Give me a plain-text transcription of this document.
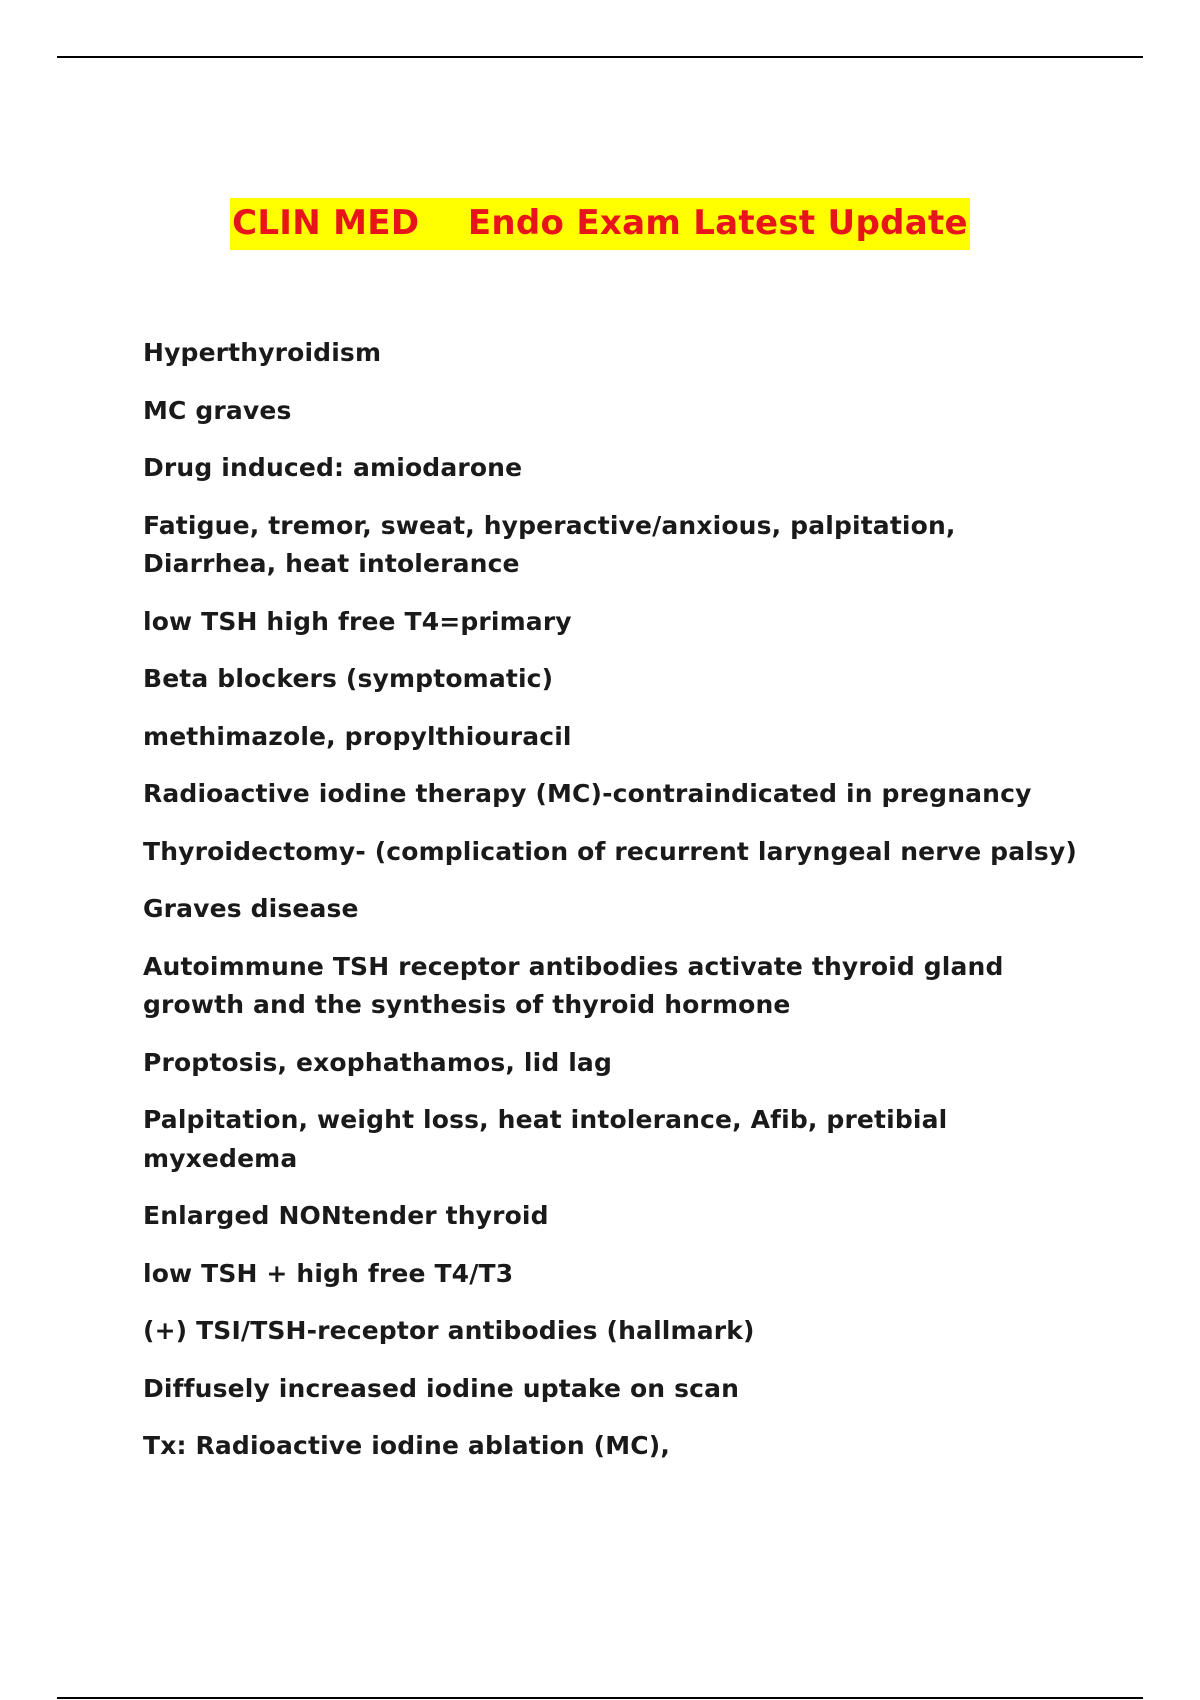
CLIN MED    Endo Exam Latest Update
Hyperthyroidism
MC graves
Drug induced: amiodarone
Fatigue, tremor, sweat, hyperactive/anxious, palpitation, Diarrhea, heat intolerance
low TSH high free T4=primary
Beta blockers (symptomatic)
methimazole, propylthiouracil
Radioactive iodine therapy (MC)-contraindicated in pregnancy
Thyroidectomy- (complication of recurrent laryngeal nerve palsy)
Graves disease
Autoimmune TSH receptor antibodies activate thyroid gland growth and the synthesis of thyroid hormone
Proptosis, exophathamos, lid lag
Palpitation, weight loss, heat intolerance, Afib, pretibial myxedema
Enlarged NONtender thyroid
low TSH + high free T4/T3
(+) TSI/TSH-receptor antibodies (hallmark)
Diffusely increased iodine uptake on scan
Tx: Radioactive iodine ablation (MC),
